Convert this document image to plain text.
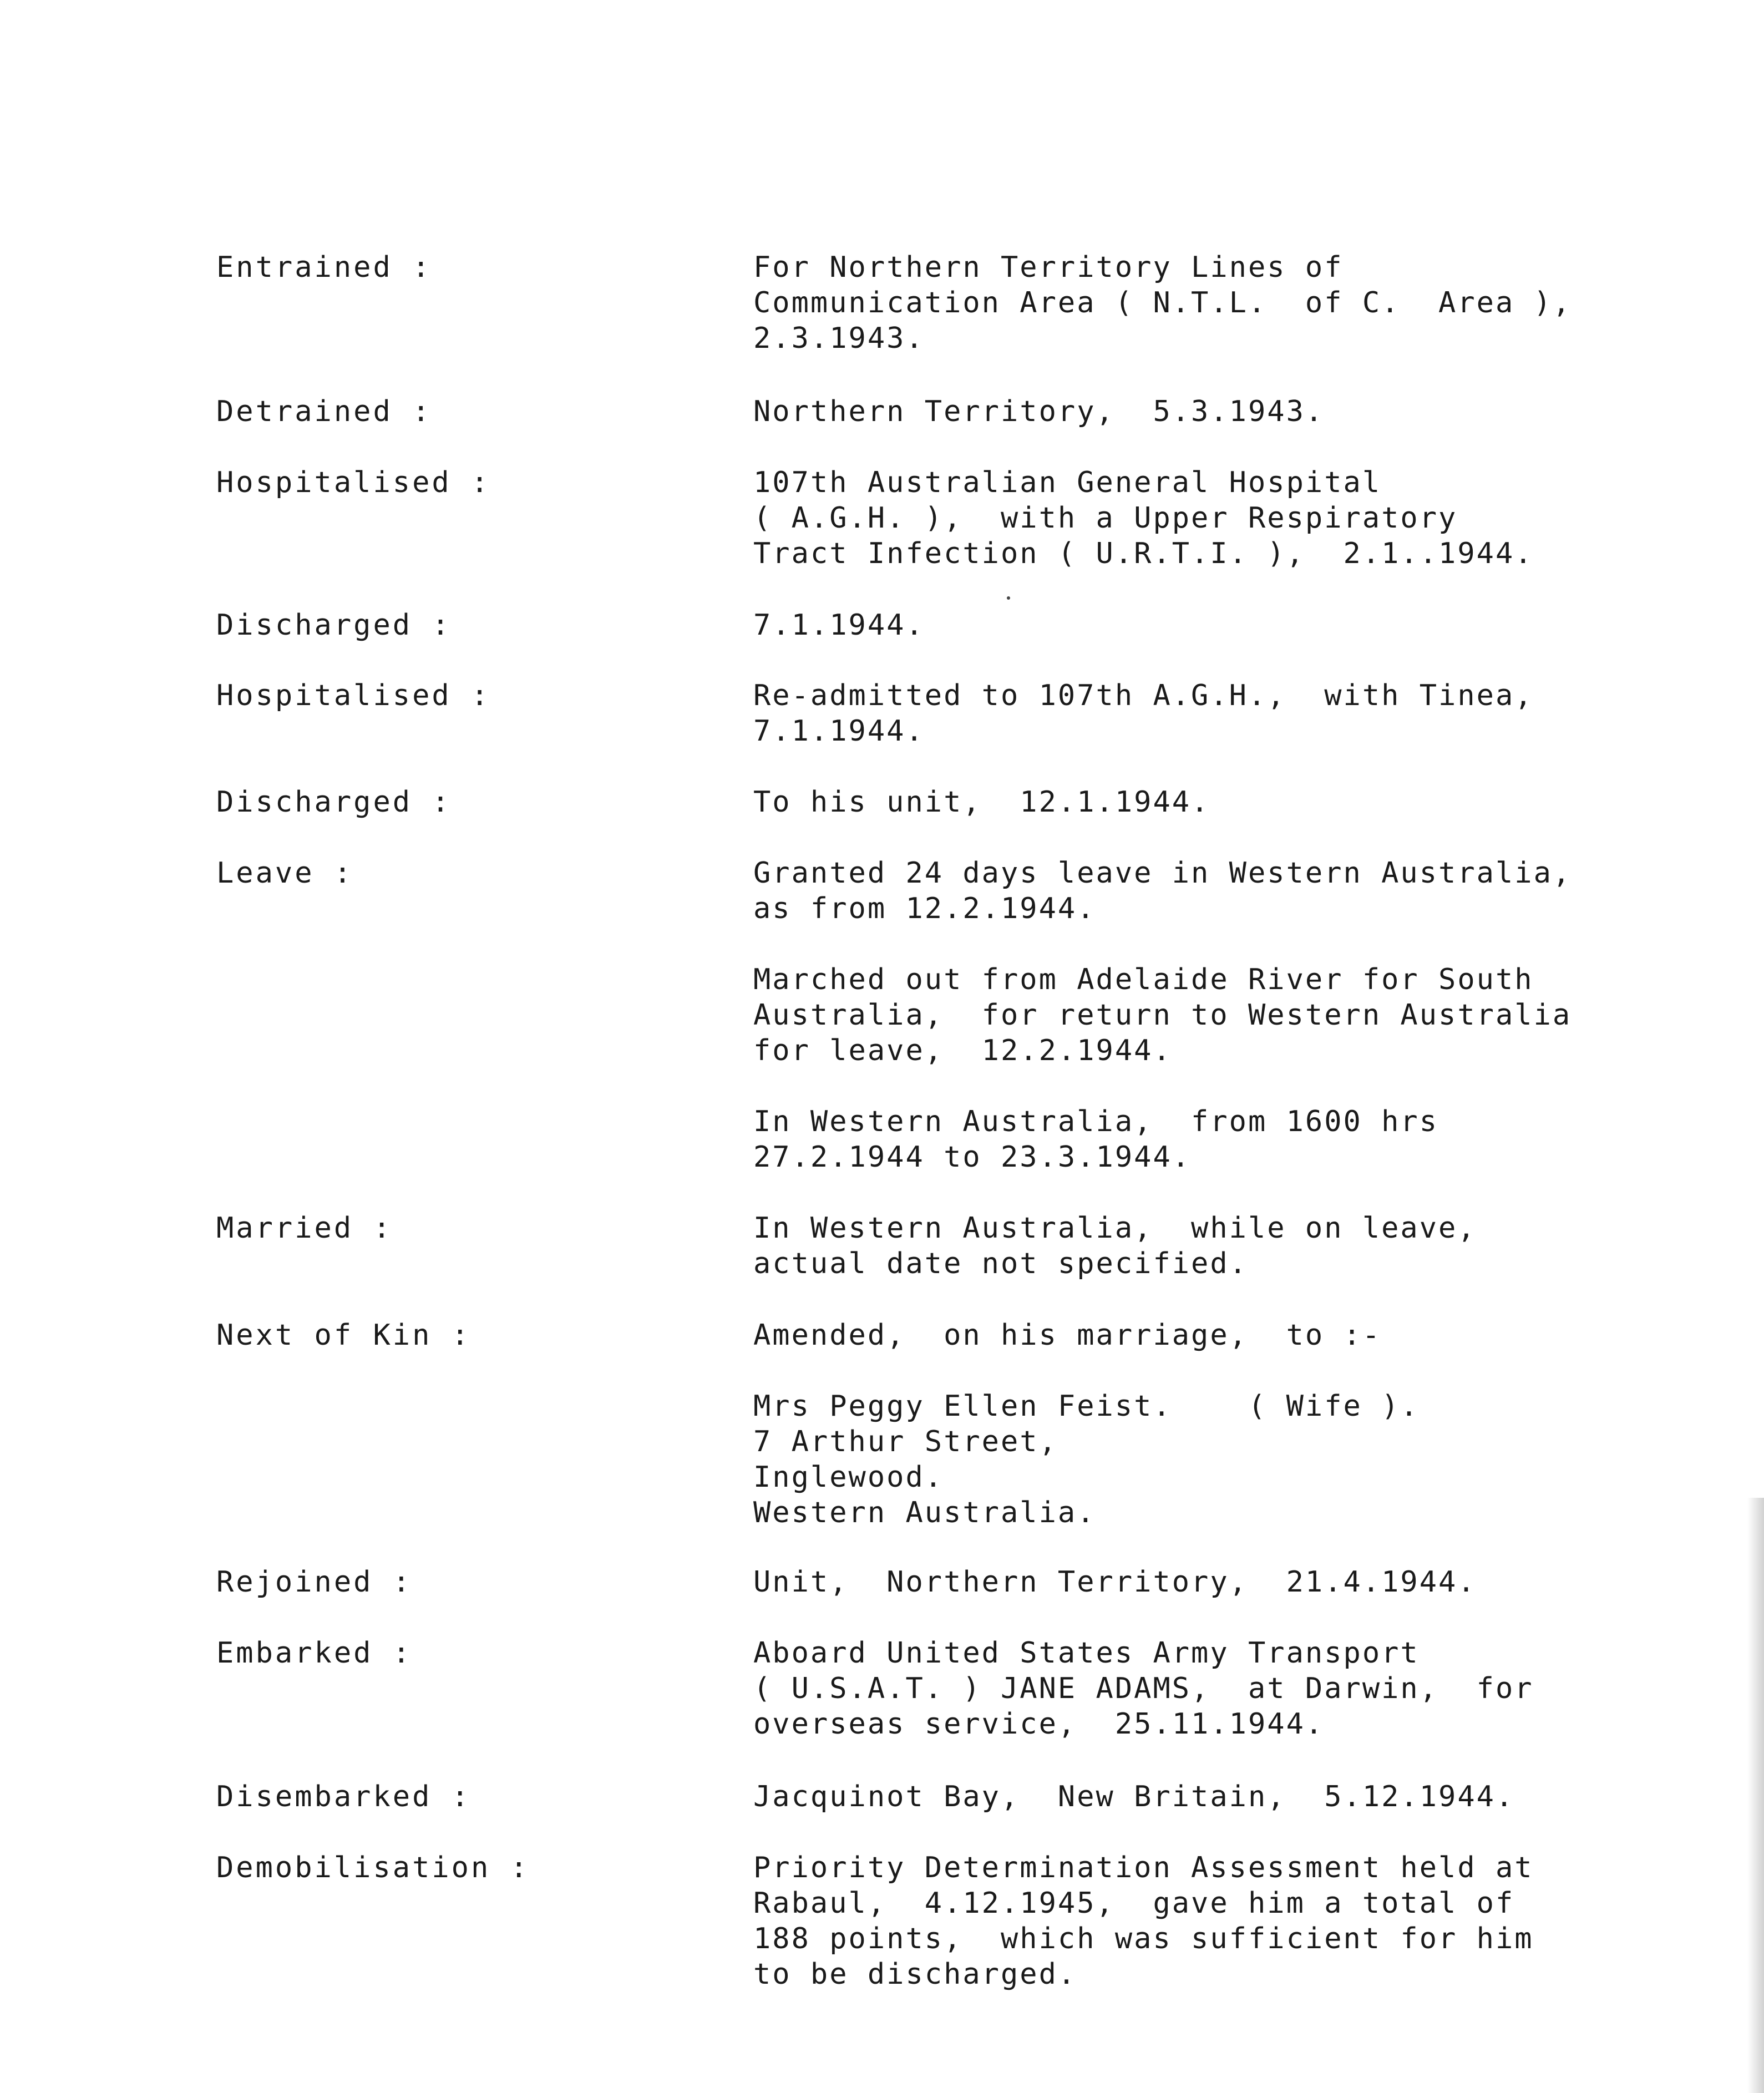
Entrained :	For Northern Territory Lines of
Communication Area ( N.T.L.  of C.  Area ),
2.3.1943.
Detrained :	Northern Territory,  5.3.1943.
Hospitalised :	107th Australian General Hospital
( A.G.H. ),  with a Upper Respiratory
Tract Infection ( U.R.T.I. ),  2.1..1944.
Discharged :	7.1.1944.
Hospitalised :	Re-admitted to 107th A.G.H.,  with Tinea,
7.1.1944.
Discharged :	To his unit,  12.1.1944.
Leave :	Granted 24 days leave in Western Australia,
as from 12.2.1944.
Marched out from Adelaide River for South
Australia,  for return to Western Australia
for leave,  12.2.1944.
In Western Australia,  from 1600 hrs
27.2.1944 to 23.3.1944.
Married :	In Western Australia,  while on leave,
actual date not specified.
Next of Kin :	Amended,  on his marriage,  to :-
Mrs Peggy Ellen Feist.    ( Wife ).
7 Arthur Street,
Inglewood.
Western Australia.
Rejoined :	Unit,  Northern Territory,  21.4.1944.
Embarked :	Aboard United States Army Transport
( U.S.A.T. ) JANE ADAMS,  at Darwin,  for
overseas service,  25.11.1944.
Disembarked :	Jacquinot Bay,  New Britain,  5.12.1944.
Demobilisation :	Priority Determination Assessment held at
Rabaul,  4.12.1945,  gave him a total of
188 points,  which was sufficient for him
to be discharged.
